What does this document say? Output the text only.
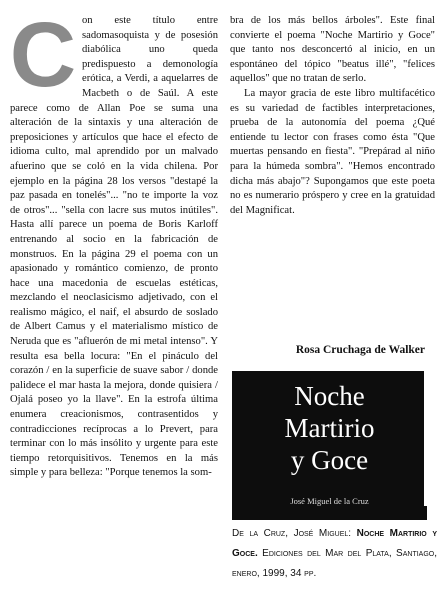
C on este título entre sadomasoquista y de posesión diabólica uno queda predispuesto a demonología erótica, a Verdi, a aquelarres de Macbeth o de Saúl. A este parece como de Allan Poe se suma una alteración de la sintaxis y una alteración de preposiciones y artículos que hace el efecto de idioma culto, mal aprendido por un malvado afuerino que se coló en la vida chilena. Por ejemplo en la página 28 los versos "destapé la paz pasada en tonelés"... "no te importe la voz de otros"... "sella con lacre sus mutos inútiles". Hasta allí parece un poema de Boris Karloff entrenando al socio en la fabricación de monstruos. En la página 29 el poema con un apasionado y romántico comienzo, de pronto hace una macedonia de escuelas estéticas, mezclando el neoclasicismo adjetivado, con el realismo mágico, el naif, el absurdo de soslado de Albert Camus y el materialismo místico de Neruda que es "afluerón de mi metal intenso". Y resulta esa bella locura: "En el pináculo del corazón / en la superficie de suave sabor / donde palidece el mar hasta la mejora, donde quisiera / Ojalá poseo yo la llave". En la estrofa última enumera creacionismos, contrasentidos y contradicciones recíprocas a lo Prevert, para terminar con lo más insólito y urgente para este tiempo retorquisitivos. Tenemos en la más simple y para belleza: "Porque tenemos la som-

bra de los más bellos árboles". Este final convierte el poema "Noche Martirio y Goce" que tanto nos desconcertó al inicio, en un espontáneo del tópico "beatus illé", "felices aquellos" que no tratan de serlo.

La mayor gracia de este libro multifacético es su variedad de factibles interpretaciones, prueba de la autonomía del poema ¿Qué entiende tu lector con frases como ésta "Que muertas pensando en fiesta". "Prepárad al niño para la húmeda sombra". "Hemos encontrado dicha más abajo"? Supongamos que este poeta no es numerario próspero y cree en la gratuidad del Magnificat.

Rosa Cruchaga de Walker
Noche
Martirio
y Goce
José Miguel de la Cruz
De la Cruz, José Miguel: Noche Martirio y Goce. Ediciones del Mar del Plata, Santiago, enero, 1999, 34 pp.
